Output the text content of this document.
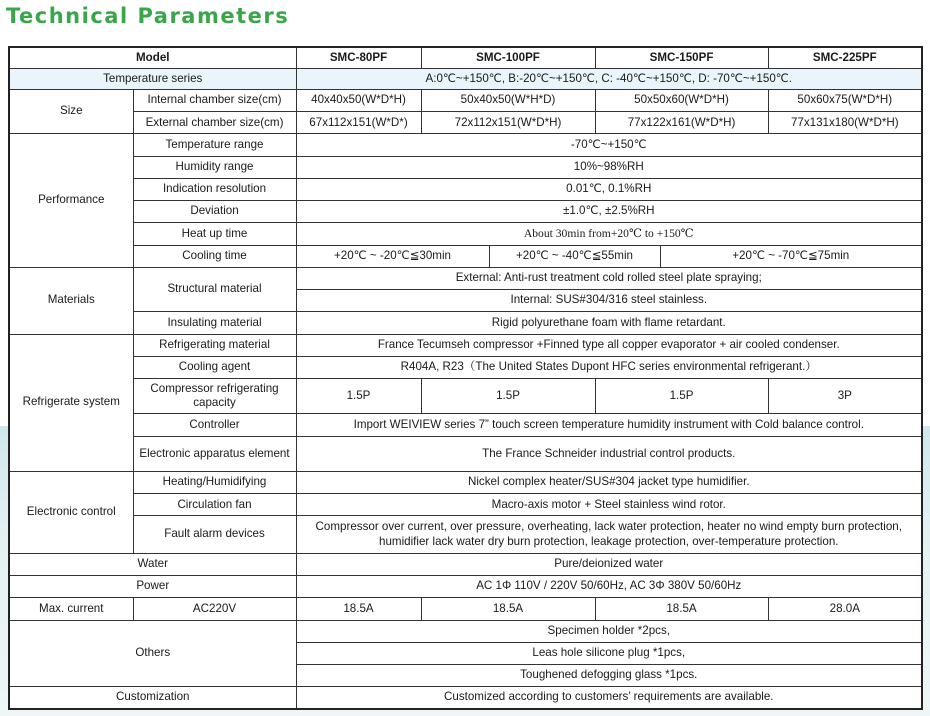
Technical Parameters
Model		SMC-80PF	SMC-100PF		SMC-150PF		SMC-225PF
Temperature series		A:0℃~+150℃, B:-20℃~+150℃, C: -40℃~+150℃, D: -70℃~+150℃.					
Size	Internal chamber size(cm)	40x40x50(W*D*H)	50x40x50(W*H*D)		50x50x60(W*D*H)		50x60x75(W*D*H)
	External chamber size(cm)	67x112x151(W*D*)	72x112x151(W*D*H)		77x122x161(W*D*H)		77x131x180(W*D*H)
Performance	Temperature range	-70℃~+150℃					
	Humidity range	10%~98%RH					
	Indication resolution	0.01℃, 0.1%RH					
	Deviation	±1.0℃, ±2.5%RH					
	Heat up time	About 30min from+20℃ to +150℃					
	Cooling time	+20℃ ~ -20℃≦30min		+20℃ ~ -40℃≦55min		+20℃ ~ -70℃≦75min	
Materials	Structural material	External: Anti-rust treatment cold rolled steel plate spraying;					
		Internal: SUS#304/316 steel stainless.					
	Insulating material	Rigid polyurethane foam with flame retardant.					
Refrigerate system	Refrigerating material	France Tecumseh compressor +Finned type all copper evaporator + air cooled condenser.					
	Cooling agent	R404A, R23（The United States Dupont HFC series environmental refrigerant.）					
	Compressor refrigerating capacity	1.5P	1.5P		1.5P		3P
	Controller	Import WEIVIEW series 7” touch screen temperature humidity instrument with Cold balance control.					
	Electronic apparatus element	The France Schneider industrial control products.					
Electronic control	Heating/Humidifying	Nickel complex heater/SUS#304 jacket type humidifier.					
	Circulation fan	Macro-axis motor + Steel stainless wind rotor.					
	Fault alarm devices	Compressor over current, over pressure, overheating, lack water protection, heater no wind empty burn protection,
humidifier lack water dry burn protection, leakage protection, over-temperature protection.					

Water		Pure/deionized water					
Power		AC 1Φ 110V / 220V 50/60Hz, AC 3Φ 380V 50/60Hz					
Max. current	AC220V	18.5A	18.5A		18.5A		28.0A
Others		Specimen holder *2pcs,					
		Leas hole silicone plug *1pcs,					
		Toughened defogging glass *1pcs.					
Customization		Customized according to customers’ requirements are available.					
